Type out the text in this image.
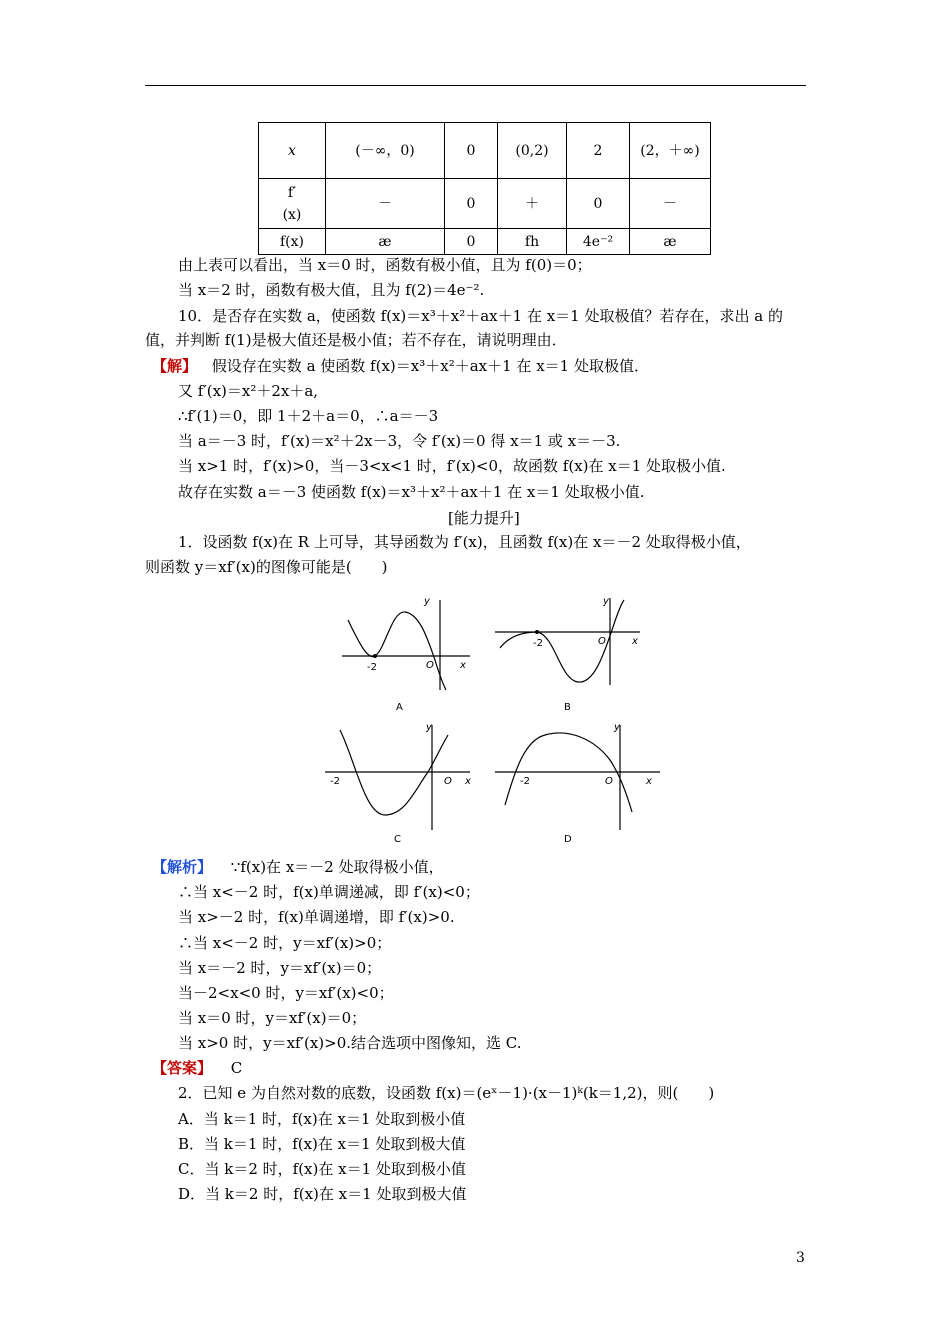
x	(－∞，0)	0	(0,2)	2	(2，＋∞)
f′(x)	－	0	＋	0	－
f(x)	æ	0	fh	4e⁻²	æ
由上表可以看出，当 x＝0 时，函数有极小值，且为 f(0)＝0；
当 x＝2 时，函数有极大值，且为 f(2)＝4e⁻².
10．是否存在实数 a，使函数 f(x)＝x³＋x²＋ax＋1 在 x＝1 处取极值？若存在，求出 a 的
值，并判断 f(1)是极大值还是极小值；若不存在，请说明理由．
【解】 假设存在实数 a 使函数 f(x)＝x³＋x²＋ax＋1 在 x＝1 处取极值．
又 f′(x)＝x²＋2x＋a,
∴f′(1)＝0，即 1＋2＋a＝0，∴a＝－3
当 a＝－3 时，f′(x)＝x²＋2x－3，令 f′(x)＝0 得 x＝1 或 x＝－3.
当 x>1 时，f′(x)>0，当－3<x<1 时，f′(x)<0，故函数 f(x)在 x＝1 处取极小值.
故存在实数 a＝－3 使函数 f(x)＝x³＋x²＋ax＋1 在 x＝1 处取极小值.
[能力提升]
1．设函数 f(x)在 R 上可导，其导函数为 f′(x)，且函数 f(x)在 x＝－2 处取得极小值，
则函数 y＝xf′(x)的图像可能是(　　)
y
x
O
-2
A
y
x
O
-2
B
y
x
O
-2
C
y
x
O
-2
D
【解析】 ∵f(x)在 x＝－2 处取得极小值，
∴当 x<－2 时，f(x)单调递减，即 f′(x)<0；
当 x>－2 时，f(x)单调递增，即 f′(x)>0.
∴当 x<－2 时，y＝xf′(x)>0；
当 x＝－2 时，y＝xf′(x)＝0；
当－2<x<0 时，y＝xf′(x)<0；
当 x＝0 时，y＝xf′(x)＝0；
当 x>0 时，y＝xf′(x)>0.结合选项中图像知，选 C.
【答案】 C
2．已知 e 为自然对数的底数，设函数 f(x)＝(eˣ－1)·(x－1)ᵏ(k＝1,2)，则(　　)
A．当 k＝1 时，f(x)在 x＝1 处取到极小值
B．当 k＝1 时，f(x)在 x＝1 处取到极大值
C．当 k＝2 时，f(x)在 x＝1 处取到极小值
D．当 k＝2 时，f(x)在 x＝1 处取到极大值
3
